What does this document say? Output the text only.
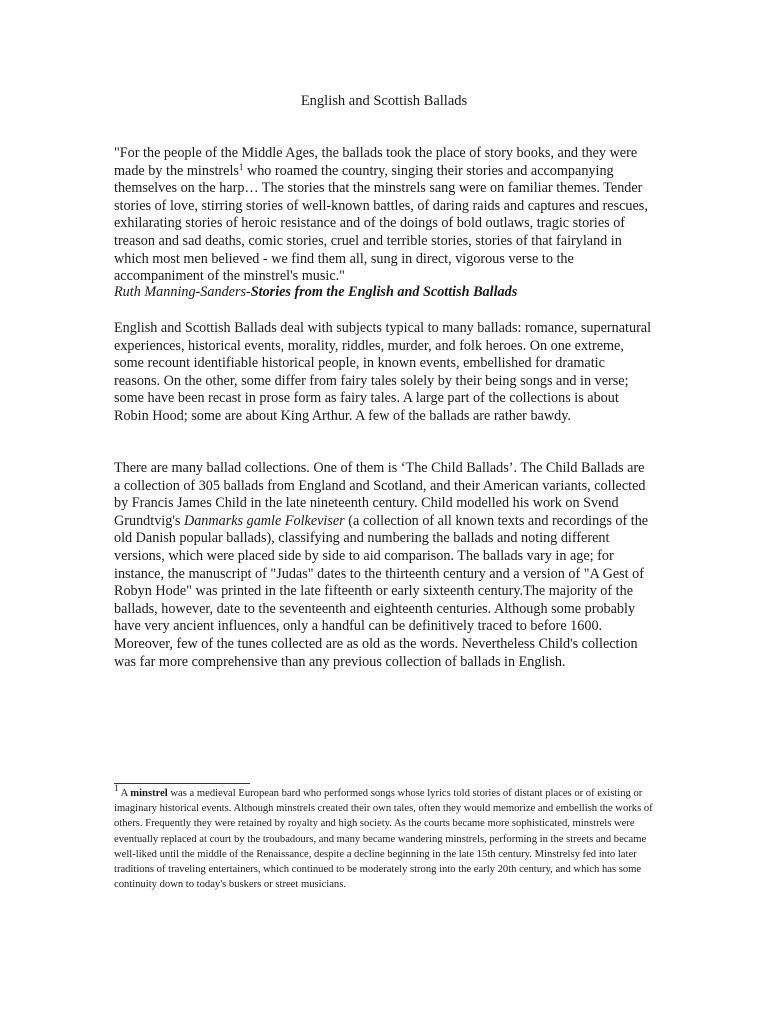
English and Scottish Ballads

"For the people of the Middle Ages, the ballads took the place of story books, and they were made by the minstrels$^1$ who roamed the country, singing their stories and accompanying themselves on the harp… The stories that the minstrels sang were on familiar themes. Tender stories of love, stirring stories of well-known battles, of daring raids and captures and rescues, exhilarating stories of heroic resistance and of the doings of bold outlaws, tragic stories of treason and sad deaths, comic stories, cruel and terrible stories, stories of that fairyland in which most men believed - we find them all, sung in direct, vigorous verse to the accompaniment of the minstrel's music."

Ruth Manning-Sanders-Stories from the English and Scottish Ballads

English and Scottish Ballads deal with subjects typical to many ballads: romance, supernatural experiences, historical events, morality, riddles, murder, and folk heroes. On one extreme, some recount identifiable historical people, in known events, embellished for dramatic reasons. On the other, some differ from fairy tales solely by their being songs and in verse; some have been recast in prose form as fairy tales. A large part of the collections is about Robin Hood; some are about King Arthur. A few of the ballads are rather bawdy.

There are many ballad collections. One of them is ‘The Child Ballads’. The Child Ballads are a collection of 305 ballads from England and Scotland, and their American variants, collected by Francis James Child in the late nineteenth century. Child modelled his work on Svend Grundtvig's Danmarks gamle Folkeviser (a collection of all known texts and recordings of the old Danish popular ballads), classifying and numbering the ballads and noting different versions, which were placed side by side to aid comparison. The ballads vary in age; for instance, the manuscript of "Judas" dates to the thirteenth century and a version of "A Gest of Robyn Hode" was printed in the late fifteenth or early sixteenth century.The majority of the ballads, however, date to the seventeenth and eighteenth centuries. Although some probably have very ancient influences, only a handful can be definitively traced to before 1600. Moreover, few of the tunes collected are as old as the words. Nevertheless Child's collection was far more comprehensive than any previous collection of ballads in English.

$^1$ A minstrel was a medieval European bard who performed songs whose lyrics told stories of distant places or of existing or imaginary historical events. Although minstrels created their own tales, often they would memorize and embellish the works of others. Frequently they were retained by royalty and high society. As the courts became more sophisticated, minstrels were eventually replaced at court by the troubadours, and many became wandering minstrels, performing in the streets and became well-liked until the middle of the Renaissance, despite a decline beginning in the late 15th century. Minstrelsy fed into later traditions of traveling entertainers, which continued to be moderately strong into the early 20th century, and which has some continuity down to today's buskers or street musicians.
